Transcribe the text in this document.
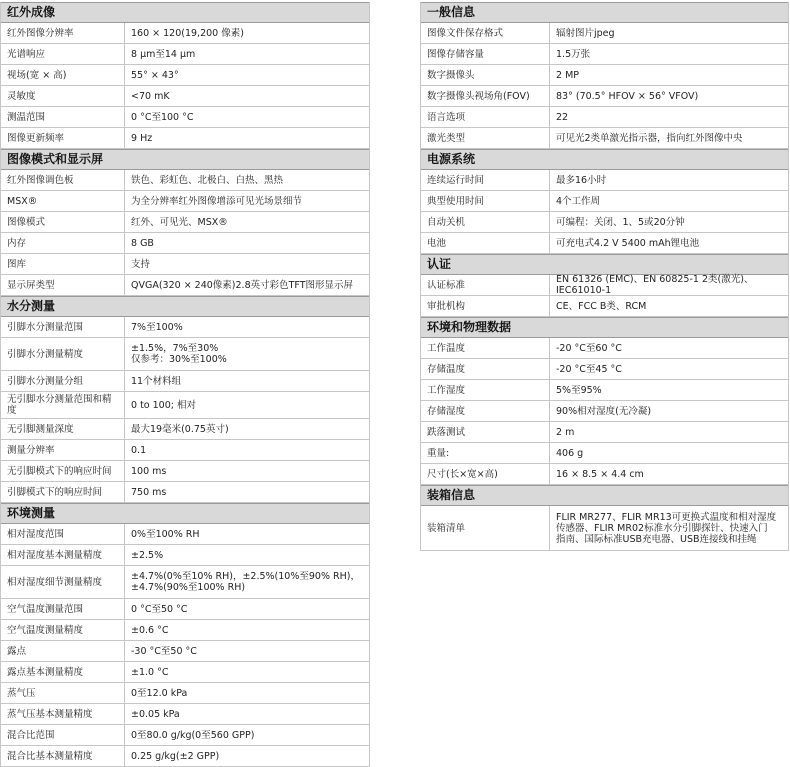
红外成像
红外图像分辨率	160 × 120(19,200 像素)
光谱响应	8 μm至14 μm
视场(宽 × 高)	55° × 43°
灵敏度	<70 mK
测温范围	0 °C至100 °C
图像更新频率	9 Hz
图像模式和显示屏
红外图像调色板	铁色、彩虹色、北极白、白热、黑热
MSX®	为全分辨率红外图像增添可见光场景细节
图像模式	红外、可见光、MSX®
内存	8 GB
图库	支持
显示屏类型	QVGA(320 × 240像素)2.8英寸彩色TFT图形显示屏
水分测量
引脚水分测量范围	7%至100%
引脚水分测量精度	±1.5%，7%至30%
仅参考：30%至100%
引脚水分测量分组	11个材料组
无引脚水分测量范围和精度	0 to 100; 相对
无引脚测量深度	最大19毫米(0.75英寸)
测量分辨率	0.1
无引脚模式下的响应时间	100 ms
引脚模式下的响应时间	750 ms
环境测量
相对湿度范围	0%至100% RH
相对湿度基本测量精度	±2.5%
相对湿度细节测量精度	±4.7%(0%至10% RH)，±2.5%(10%至90% RH)，
±4.7%(90%至100% RH)
空气温度测量范围	0 °C至50 °C
空气温度测量精度	±0.6 °C
露点	-30 °C至50 °C
露点基本测量精度	±1.0 °C
蒸气压	0至12.0 kPa
蒸气压基本测量精度	±0.05 kPa
混合比范围	0至80.0 g/kg(0至560 GPP)
混合比基本测量精度	0.25 g/kg(±2 GPP)
一般信息
图像文件保存格式	辐射图片jpeg
图像存储容量	1.5万张
数字摄像头	2 MP
数字摄像头视场角(FOV)	83° (70.5° HFOV × 56° VFOV)
语言选项	22
激光类型	可见光2类单激光指示器，指向红外图像中央
电源系统
连续运行时间	最多16小时
典型使用时间	4个工作周
自动关机	可编程：关闭、1、5或20分钟
电池	可充电式4.2 V 5400 mAh锂电池
认证
认证标准	EN 61326 (EMC)、EN 60825-1 2类(激光)、IEC61010-1
审批机构	CE、FCC B类、RCM
环境和物理数据
工作温度	-20 °C至60 °C
存储温度	-20 °C至45 °C
工作湿度	5%至95%
存储湿度	90%相对湿度(无冷凝)
跌落测试	2 m
重量:	406 g
尺寸(长×宽×高)	16 × 8.5 × 4.4 cm
装箱信息
装箱清单
FLIR MR277、FLIR MR13可更换式温度和相对湿度
传感器、FLIR MR02标准水分引脚探针、快速入门
指南、国际标准USB充电器、USB连接线和挂绳
